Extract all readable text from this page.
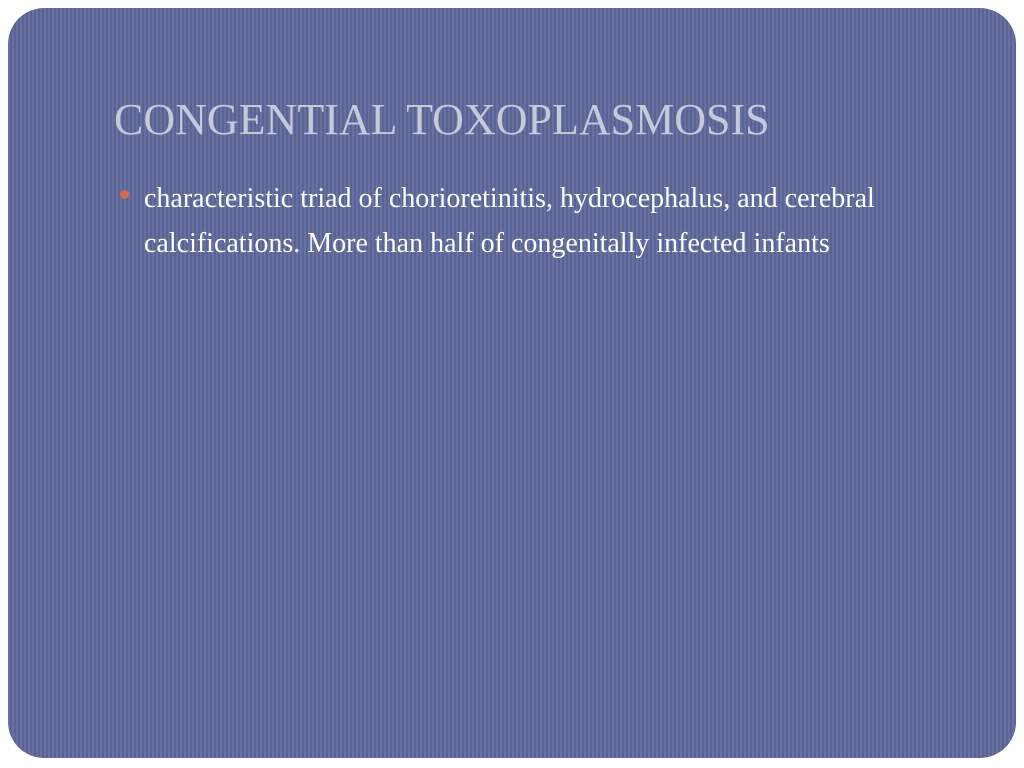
CONGENTIAL TOXOPLASMOSIS
characteristic triad of chorioretinitis, hydrocephalus, and cerebral calcifications. More than half of congenitally infected infants
